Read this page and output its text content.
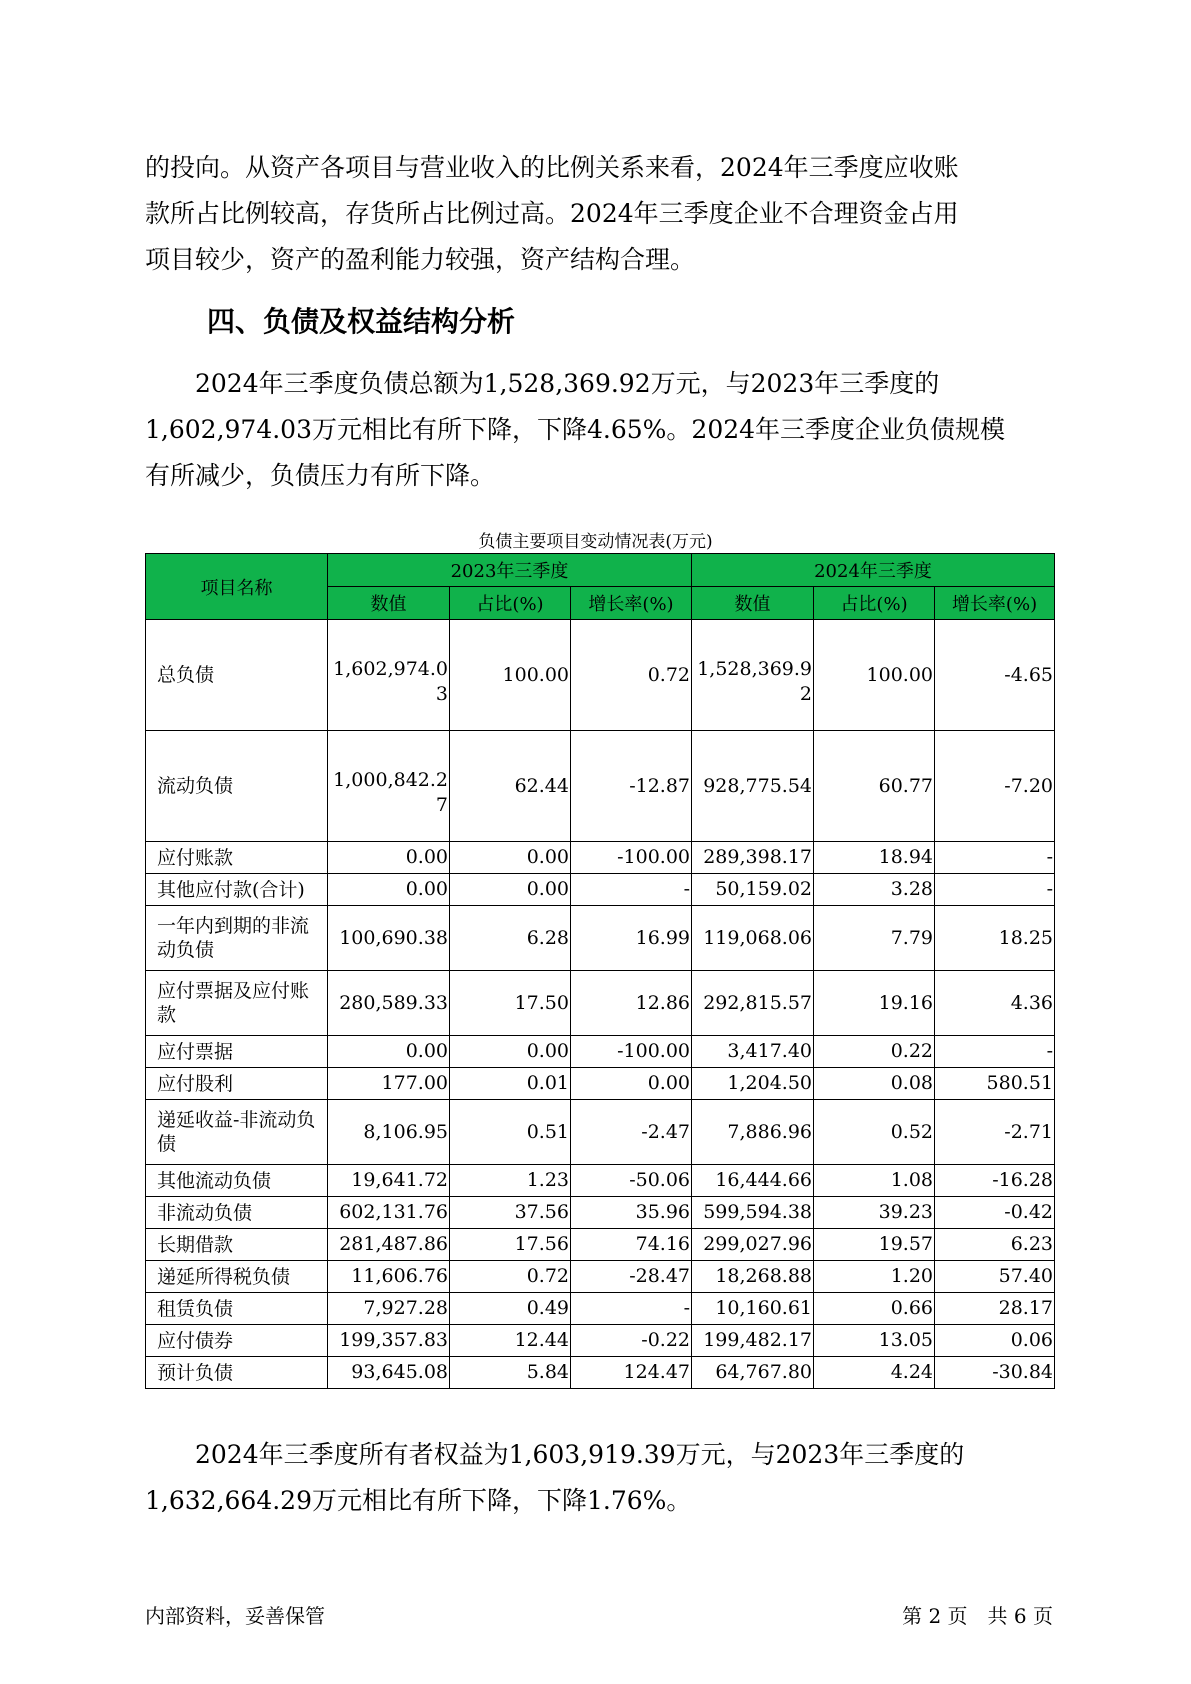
的投向。从资产各项目与营业收入的比例关系来看，2024年三季度应收账
款所占比例较高，存货所占比例过高。2024年三季度企业不合理资金占用
项目较少，资产的盈利能力较强，资产结构合理。

四、负债及权益结构分析

　　2024年三季度负债总额为1,528,369.92万元，与2023年三季度的
1,602,974.03万元相比有所下降，下降4.65%。2024年三季度企业负债规模
有所减少，负债压力有所下降。

负债主要项目变动情况表(万元)

项目名称	2023年三季度			2024年三季度		
	数值	占比(%)	增长率(%)	数值	占比(%)	增长率(%)
总负债	1,602,974.03	100.00	0.72	1,528,369.92	100.00	-4.65
流动负债	1,000,842.27	62.44	-12.87	928,775.54	60.77	-7.20
应付账款	0.00	0.00	-100.00	289,398.17	18.94	-
其他应付款(合计)	0.00	0.00	-	50,159.02	3.28	-
一年内到期的非流动负债	100,690.38	6.28	16.99	119,068.06	7.79	18.25
应付票据及应付账款	280,589.33	17.50	12.86	292,815.57	19.16	4.36
应付票据	0.00	0.00	-100.00	3,417.40	0.22	-
应付股利	177.00	0.01	0.00	1,204.50	0.08	580.51
递延收益-非流动负债	8,106.95	0.51	-2.47	7,886.96	0.52	-2.71
其他流动负债	19,641.72	1.23	-50.06	16,444.66	1.08	-16.28
非流动负债	602,131.76	37.56	35.96	599,594.38	39.23	-0.42
长期借款	281,487.86	17.56	74.16	299,027.96	19.57	6.23
递延所得税负债	11,606.76	0.72	-28.47	18,268.88	1.20	57.40
租赁负债	7,927.28	0.49	-	10,160.61	0.66	28.17
应付债券	199,357.83	12.44	-0.22	199,482.17	13.05	0.06
预计负债	93,645.08	5.84	124.47	64,767.80	4.24	-30.84

　　2024年三季度所有者权益为1,603,919.39万元，与2023年三季度的
1,632,664.29万元相比有所下降，下降1.76%。

内部资料，妥善保管	第 2 页　共 6 页
